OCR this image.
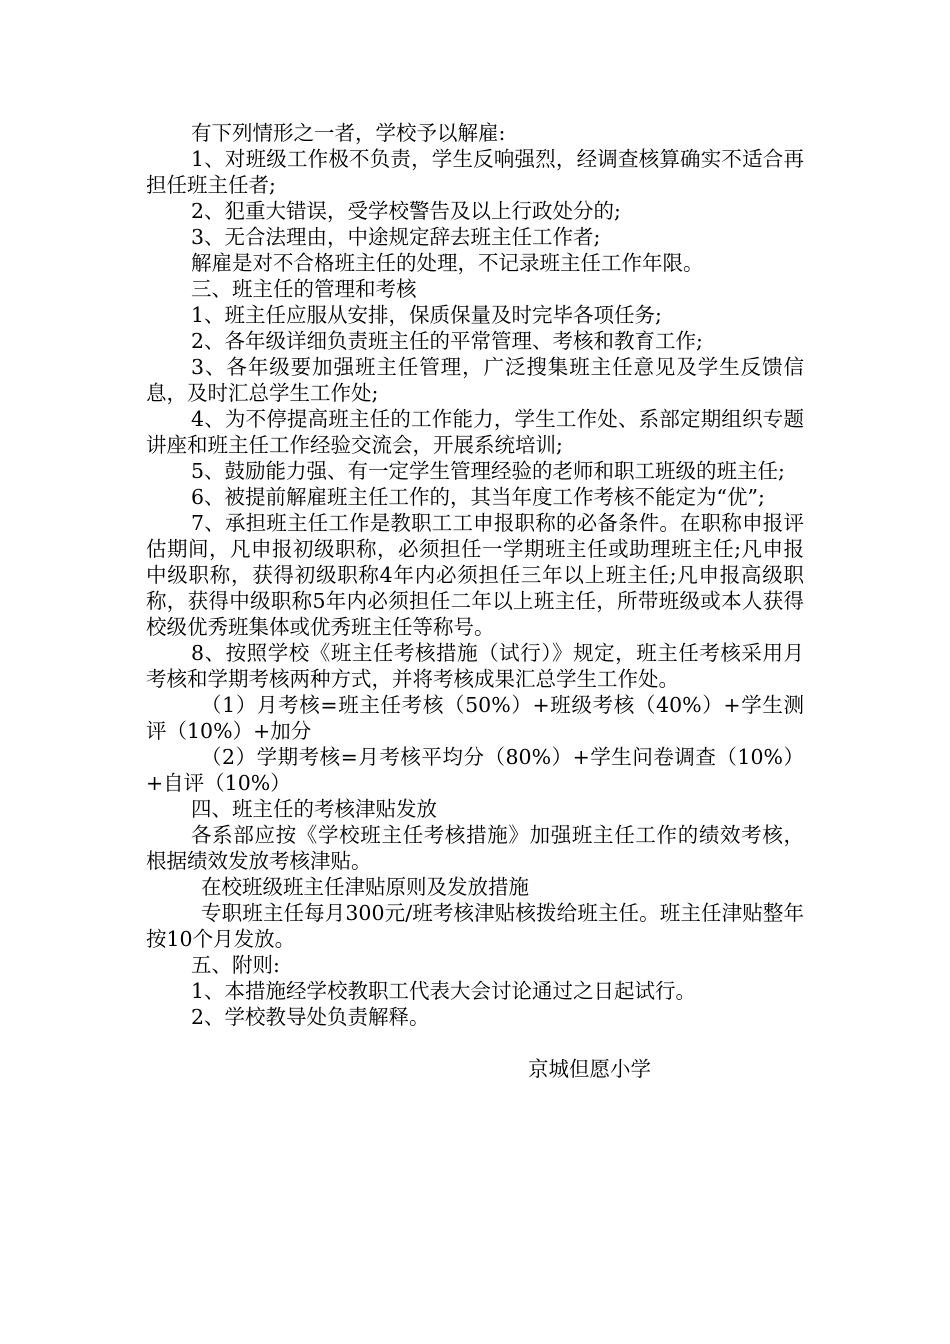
有下列情形之一者，学校予以解雇:

1、对班级工作极不负责，学生反响强烈，经调查核算确实不适合再担任班主任者;

2、犯重大错误，受学校警告及以上行政处分的;

3、无合法理由，中途规定辞去班主任工作者;

解雇是对不合格班主任的处理，不记录班主任工作年限。

三、班主任的管理和考核

1、班主任应服从安排，保质保量及时完毕各项任务;

2、各年级详细负责班主任的平常管理、考核和教育工作;

3、各年级要加强班主任管理，广泛搜集班主任意见及学生反馈信息，及时汇总学生工作处;

4、为不停提高班主任的工作能力，学生工作处、系部定期组织专题讲座和班主任工作经验交流会，开展系统培训;

5、鼓励能力强、有一定学生管理经验的老师和职工班级的班主任;

6、被提前解雇班主任工作的，其当年度工作考核不能定为“优”;

7、承担班主任工作是教职工工申报职称的必备条件。在职称申报评估期间，凡申报初级职称，必须担任一学期班主任或助理班主任;凡申报中级职称，获得初级职称4年内必须担任三年以上班主任;凡申报高级职称，获得中级职称5年内必须担任二年以上班主任，所带班级或本人获得校级优秀班集体或优秀班主任等称号。

8、按照学校《班主任考核措施（试行）》规定，班主任考核采用月考核和学期考核两种方式，并将考核成果汇总学生工作处。

（1）月考核=班主任考核（50%）+班级考核（40%）+学生测评（10%）+加分

（2）学期考核=月考核平均分（80%）+学生问卷调查（10%）+自评（10%）

四、班主任的考核津贴发放

各系部应按《学校班主任考核措施》加强班主任工作的绩效考核，根据绩效发放考核津贴。

在校班级班主任津贴原则及发放措施

专职班主任每月300元/班考核津贴核拨给班主任。班主任津贴整年按10个月发放。

五、附则:

1、本措施经学校教职工代表大会讨论通过之日起试行。

2、学校教导处负责解释。

京城但愿小学
